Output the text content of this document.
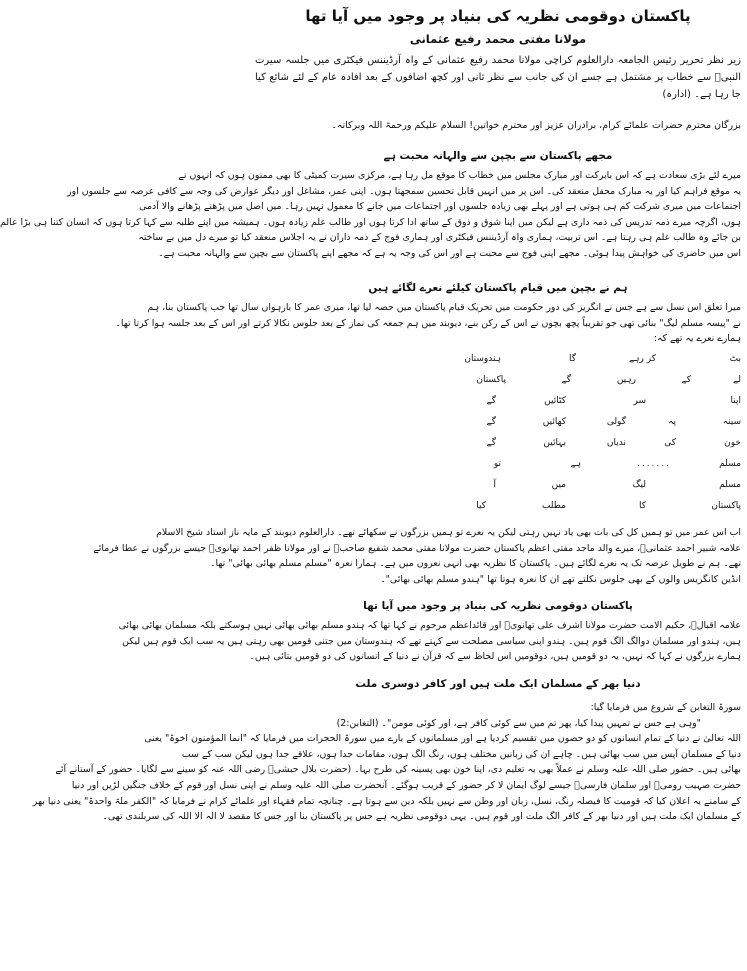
پاکستان دوقومی نظریہ کی بنیاد پر وجود میں آیا تھا
مولانا مفتی محمد رفیع عثمانی
زیر نظر تحریر رئیس الجامعہ دارالعلوم کراچی مولانا محمد رفیع عثمانی کے واہ آرڈیننس فیکٹری میں جلسہ سیرت النبیؐ سے خطاب پر مشتمل ہے جسے ان کی جانب سے نظر ثانی اور کچھ اضافوں کے بعد افادہ عام کے لئے شائع کیا جا رہا ہے۔ (ادارہ)
بزرگان محترم حضرات علمائے کرام، برادران عزیز اور محترم خواتین! السلام علیکم ورحمۃ اللہ وبرکاتہ۔
مجھے پاکستان سے بچپن سے والہانہ محبت ہے
میرے لئے بڑی سعادت ہے کہ اس بابرکت اور مبارک مجلس میں خطاب کا موقع مل رہا ہے، مرکزی سیرت کمیٹی کا بھی ممنون ہوں کہ انہوں نے
یہ موقع فراہم کیا اور یہ مبارک محفل منعقد کی۔ اس پر میں انہیں قابل تحسین سمجھتا ہوں۔ اپنی عمر، مشاغل اور دیگر عوارض کی وجہ سے کافی عرصہ سے جلسوں اور
اجتماعات میں میری شرکت کم ہی ہوتی ہے اور پہلے بھی زیادہ جلسوں اور اجتماعات میں جانے کا معمول نہیں رہا۔ میں اصل میں پڑھنے پڑھانے والا آدمی
ہوں، اگرچہ میرے ذمہ تدریس کی ذمہ داری ہے لیکن میں اپنا شوق و ذوق کے ساتھ ادا کرتا ہوں اور طالب علم زیادہ ہوں۔ ہمیشہ میں اپنے طلبہ سے کہا کرتا ہوں کہ انسان کتنا ہی بڑا عالم
بن جائے وہ طالب علم ہی رہتا ہے۔ اس تربیت، ہماری واہ آرڈیننس فیکٹری اور ہماری فوج کے ذمہ داران نے یہ اجلاس منعقد کیا تو میرے دل میں بے ساختہ
اس میں حاضری کی خواہش پیدا ہوئی۔ مجھے اپنی فوج سے محبت ہے اور اس کی وجہ یہ ہے کہ مجھے اپنے پاکستان سے بچپن سے والہانہ محبت ہے۔
ہم نے بچپن میں قیام پاکستان کیلئے نعرے لگائے ہیں
میرا تعلق اس نسل سے ہے جس نے انگریز کی دور حکومت میں تحریک قیام پاکستان میں حصہ لیا تھا، میری عمر کا بارہواں سال تھا جب پاکستان بنا، ہم
نے "پیسہ مسلم لیگ" بنائی تھی جو تقریباً پچھ بچوں نے اس کے رکن بنے، دیوبند میں ہم جمعہ کی نماز کے بعد جلوس نکالا کرتے اور اس کے بعد جلسہ ہوا کرتا تھا۔
ہمارے نعرے یہ تھے کہ:
بٹ
کر رہے
گا
ہندوستان
لے
کے
رہیں
گے
پاکستان
اپنا
سر
کٹائیں
گے
سینہ
پہ
گولی
کھائیں
گے
خون
کی
ندیاں
بہائیں
گے
مسلم
.......
ہے
تو
مسلم
لیگ
میں
آ
پاکستان
کا
مطلب
کیا
اب اس عمر میں تو ہمیں کل کی بات بھی یاد نہیں رہتی لیکن یہ نعرے تو ہمیں بزرگوں نے سکھائے تھے۔ دارالعلوم دیوبند کے مایہ ناز استاد شیخ الاسلام
علامہ شبیر احمد عثمانیؒ، میرے والد ماجد مفتی اعظم پاکستان حضرت مولانا مفتی محمد شفیع صاحبؒ نے اور مولانا ظفر احمد تھانویؒ جیسے بزرگوں نے عطا فرمائے
تھے۔ ہم نے طویل عرصہ تک یہ نعرے لگائے ہیں۔ پاکستان کا نظریہ بھی انہی نعروں میں ہے۔ ہمارا نعرہ "مسلم مسلم بھائی بھائی" تھا۔
انڈین کانگریس والوں کے بھی جلوس نکلتے تھے ان کا نعرہ ہوتا تھا "ہندو مسلم بھائی بھائی"۔
پاکستان دوقومی نظریہ کی بنیاد پر وجود میں آیا تھا
علامہ اقبالؒ، حکیم الامت حضرت مولانا اشرف علی تھانویؒ اور قائداعظم مرحوم نے کہا تھا کہ ہندو مسلم بھائی بھائی نہیں ہوسکتے بلکہ مسلمان بھائی بھائی
ہیں، ہندو اور مسلمان دوالگ الگ قوم ہیں۔ ہندو اپنی سیاسی مصلحت سے کہتے تھے کہ ہندوستان میں جتنی قومیں بھی رہتی ہیں یہ سب ایک قوم ہیں لیکن
ہمارے بزرگوں نے کہا کہ نہیں، یہ دو قومیں ہیں، دوقومیں اس لحاظ سے کہ قرآن نے دنیا کے انسانوں کی دو قومیں بتائی ہیں۔
دنیا بھر کے مسلمان ایک ملت ہیں اور کافر دوسری ملت
سورۃ التغابن کے شروع میں فرمایا گیا:
"وہی ہے جس نے تمہیں پیدا کیا، پھر تم میں سے کوئی کافر ہے، اور کوئی مومن"۔ (التغابن:2)
اللہ تعالیٰ نے دنیا کے تمام انسانوں کو دو حصوں میں تقسیم کردیا ہے اور مسلمانوں کے بارے میں سورۃ الحجرات میں فرمایا کہ "انما المؤمنون اخوۃ" یعنی
دنیا کے مسلمان آپس میں سب بھائی ہیں۔ چاہے ان کی زبانیں مختلف ہوں، رنگ الگ ہوں، مقامات جدا ہوں، علاقے جدا ہوں لیکن سب کے سب
بھائی ہیں۔ حضور صلی اللہ علیہ وسلم نے عملاً بھی یہ تعلیم دی، اپنا خون بھی پسینہ کی طرح بہا۔ (حضرت بلال حبشیؓ رضی اللہ عنہ کو سینے سے لگایا۔ حضور کے آستانے آئے
حضرت صہیب رومیؓ اور سلمان فارسیؓ جیسے لوگ ایمان لا کر حضور کے قریب ہوگئے۔ آنحضرت صلی اللہ علیہ وسلم نے اپنی نسل اور قوم کے خلاف جنگیں لڑیں اور دنیا
کے سامنے یہ اعلان کیا کہ قومیت کا فیصلہ رنگ، نسل، زبان اور وطن سے نہیں بلکہ دین سے ہوتا ہے۔ چنانچہ تمام فقہاء اور علمائے کرام نے فرمایا کہ "الکفر ملۃ واحدۃ" یعنی دنیا بھر
کے مسلمان ایک ملت ہیں اور دنیا بھر کے کافر الگ ملت اور قوم ہیں۔ یہی دوقومی نظریہ ہے جس پر پاکستان بنا اور جس کا مقصد لا الہ الا اللہ کی سربلندی تھی۔
